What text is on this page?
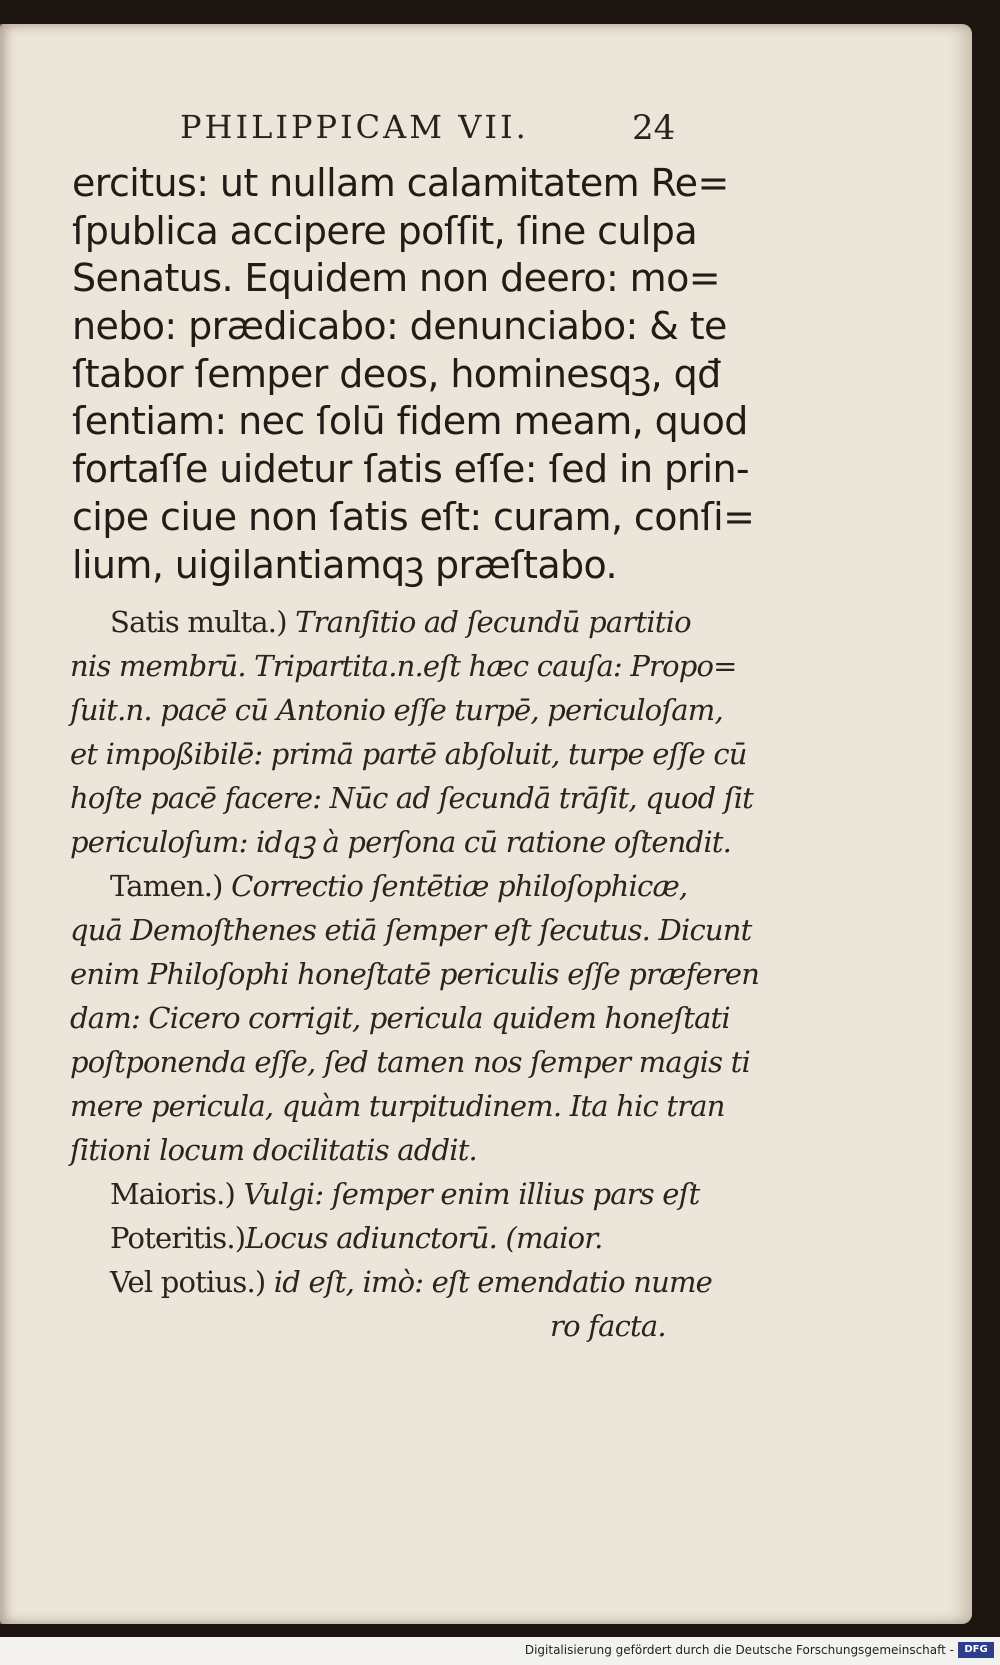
PHILIPPICAM VII.	24
ercitus: ut nullam calamitatem Re=
ſpublica accipere poſſit, ſine culpa
Senatus. Equidem non deero: mo=
nebo: prædicabo: denunciabo: & te
ſtabor ſemper deos, hominesqꝫ, qđ
ſentiam: nec ſolū fidem meam, quod
fortaſſe uidetur ſatis eſſe: ſed in prin-
cipe ciue non ſatis eſt: curam, conſi=
lium, uigilantiamqꝫ præſtabo.
Satis multa.) Tranſitio ad ſecundū partitio
nis membrū. Tripartita.n.eſt hæc cauſa: Propo=
ſuit.n. pacē cū Antonio eſſe turpē, periculoſam,
et impoßibilē: primā partē abſoluit, turpe eſſe cū
hoſte pacē facere: Nūc ad ſecundā trāſit, quod ſit
periculoſum: idqꝫ à perſona cū ratione oſtendit.
Tamen.) Correctio ſentētiæ philoſophicæ,
quā Demoſthenes etiā ſemper eſt ſecutus. Dicunt
enim Philoſophi honeſtatē periculis eſſe præferen
dam: Cicero corrigit, pericula quidem honeſtati
poſtponenda eſſe, ſed tamen nos ſemper magis ti
mere pericula, quàm turpitudinem. Ita hic tran
ſitioni locum docilitatis addit.
Maioris.) Vulgi: ſemper enim illius pars eſt
Poteritis.)Locus adiunctorū. (maior.
Vel potius.) id eſt, imò: eſt emendatio nume
ro facta.
Digitalisierung gefördert durch die Deutsche Forschungsgemeinschaft -	DFG
